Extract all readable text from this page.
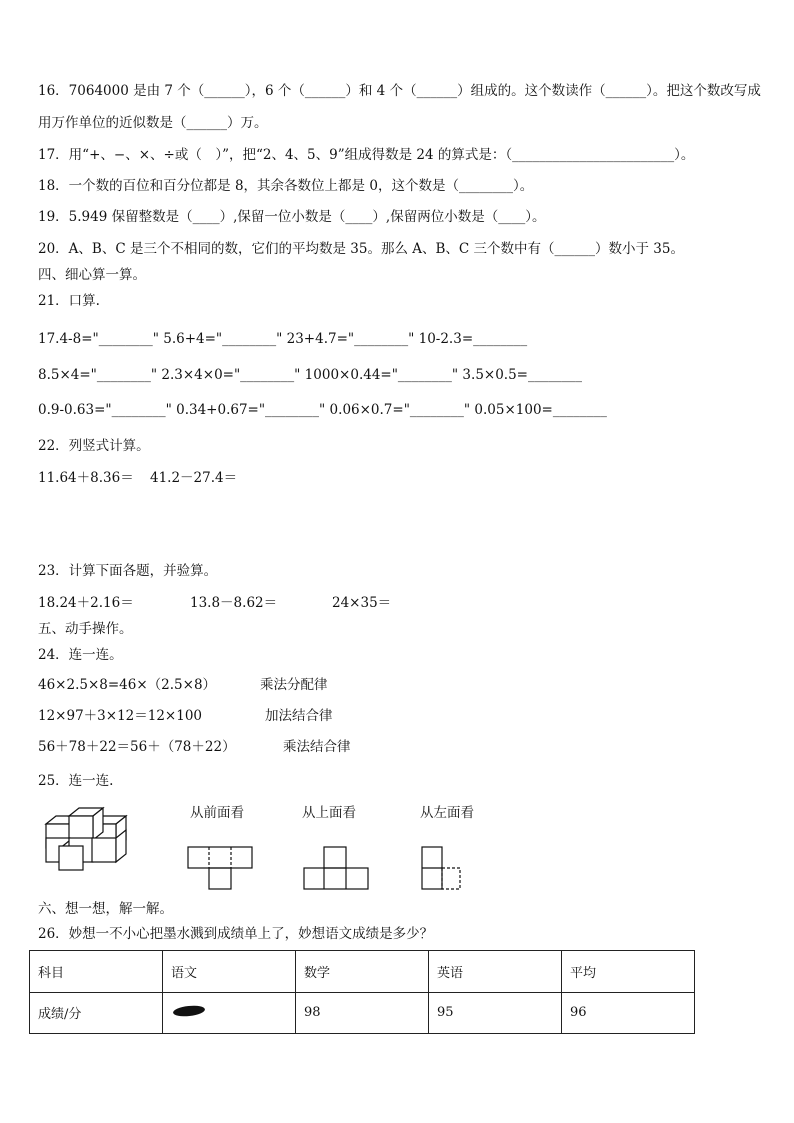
16．7064000 是由 7 个（______），6 个（______）和 4 个（______）组成的。这个数读作（______）。把这个数改写成
用万作单位的近似数是（______）万。
17．用“+、−、×、÷或（　）”，把“2、4、5、9”组成得数是 24 的算式是：（________________________）。
18．一个数的百位和百分位都是 8，其余各数位上都是 0，这个数是（________）。
19．5.949 保留整数是（____）,保留一位小数是（____）,保留两位小数是（____）。
20．A、B、C 是三个不相同的数，它们的平均数是 35。那么 A、B、C 三个数中有（______）数小于 35。
四、细心算一算。
21．口算.
17.4-8="________" 5.6+4="________" 23+4.7="________" 10-2.3=________
8.5×4="________" 2.3×4×0="________" 1000×0.44="________" 3.5×0.5=________
0.9-0.63="________" 0.34+0.67="________" 0.06×0.7="________" 0.05×100=________
22．列竖式计算。
11.64＋8.36＝ 41.2－27.4＝
23．计算下面各题，并验算。
18.24＋2.16＝	13.8－8.62＝	24×35＝
五、动手操作。
24．连一连。
46×2.5×8=46×（2.5×8）
12×97＋3×12＝12×100
56＋78＋22＝56＋（78＋22）
乘法分配律
加法结合律
乘法结合律
25．连一连.
从前面看	从上面看	从左面看
六、想一想，解一解。
26．妙想一不小心把墨水溅到成绩单上了，妙想语文成绩是多少？
科目	语文	数学	英语	平均
成绩/分		98	95	96
